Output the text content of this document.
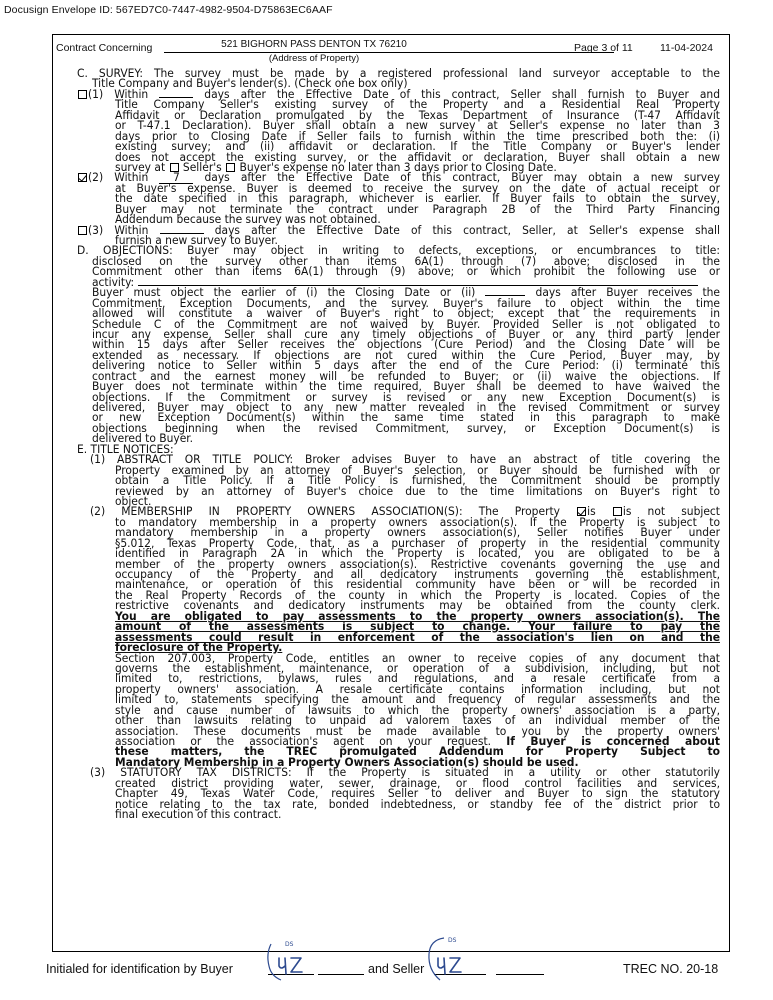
Docusign Envelope ID: 567ED7C0-7447-4982-9504-D75863EC6AAF
Contract Concerning	521 BIGHORN PASS DENTON TX 76210
(Address of Property)
Page 3 of 11	11-04-2024
C. SURVEY: The survey must be made by a registered professional land surveyor acceptable to the
Title Company and Buyer's lender(s). (Check one box only)
(1) Within	days after the Effective Date of this contract, Seller shall furnish to Buyer and
Title Company Seller's existing survey of the Property and a Residential Real Property
Affidavit or Declaration promulgated by the Texas Department of Insurance (T-47 Affidavit
or T-47.1 Declaration). Buyer shall obtain a new survey at Seller's expense no later than 3
days prior to Closing Date if Seller fails to furnish within the time prescribed both the: (i)
existing survey; and (ii) affidavit or declaration. If the Title Company or Buyer's lender
does not accept the existing survey, or the affidavit or declaration, Buyer shall obtain a new
survey at  Seller's  Buyer's expense no later than 3 days prior to Closing Date.
(2) Within 7 days after the Effective Date of this contract, Buyer may obtain a new survey
at Buyer's expense. Buyer is deemed to receive the survey on the date of actual receipt or
the date specified in this paragraph, whichever is earlier. If Buyer fails to obtain the survey,
Buyer may not terminate the contract under Paragraph 2B of the Third Party Financing
Addendum because the survey was not obtained.
(3) Within	days after the Effective Date of this contract, Seller, at Seller's expense shall
furnish a new survey to Buyer.
D. OBJECTIONS: Buyer may object in writing to defects, exceptions, or encumbrances to title:
disclosed on the survey other than items 6A(1) through (7) above; disclosed in the
Commitment other than items 6A(1) through (9) above; or which prohibit the following use or
activity:
Buyer must object the earlier of (i) the Closing Date or (ii)	days after Buyer receives the
Commitment, Exception Documents, and the survey. Buyer's failure to object within the time
allowed will constitute a waiver of Buyer's right to object; except that the requirements in
Schedule C of the Commitment are not waived by Buyer. Provided Seller is not obligated to
incur any expense, Seller shall cure any timely objections of Buyer or any third party lender
within 15 days after Seller receives the objections (Cure Period) and the Closing Date will be
extended as necessary. If objections are not cured within the Cure Period, Buyer may, by
delivering notice to Seller within 5 days after the end of the Cure Period: (i) terminate this
contract and the earnest money will be refunded to Buyer; or (ii) waive the objections. If
Buyer does not terminate within the time required, Buyer shall be deemed to have waived the
objections. If the Commitment or survey is revised or any new Exception Document(s) is
delivered, Buyer may object to any new matter revealed in the revised Commitment or survey
or new Exception Document(s) within the same time stated in this paragraph to make
objections beginning when the revised Commitment, survey, or Exception Document(s) is
delivered to Buyer.
E. TITLE NOTICES:
(1) ABSTRACT OR TITLE POLICY: Broker advises Buyer to have an abstract of title covering the
Property examined by an attorney of Buyer's selection, or Buyer should be furnished with or
obtain a Title Policy. If a Title Policy is furnished, the Commitment should be promptly
reviewed by an attorney of Buyer's choice due to the time limitations on Buyer's right to
object.
(2) MEMBERSHIP IN PROPERTY OWNERS ASSOCIATION(S): The Property is is not subject
to mandatory membership in a property owners association(s). If the Property is subject to
mandatory membership in a property owners association(s), Seller notifies Buyer under
§5.012, Texas Property Code, that, as a purchaser of property in the residential community
identified in Paragraph 2A in which the Property is located, you are obligated to be a
member of the property owners association(s). Restrictive covenants governing the use and
occupancy of the Property and all dedicatory instruments governing the establishment,
maintenance, or operation of this residential community have been or will be recorded in
the Real Property Records of the county in which the Property is located. Copies of the
restrictive covenants and dedicatory instruments may be obtained from the county clerk.
You are obligated to pay assessments to the property owners association(s). The
amount of the assessments is subject to change. Your failure to pay the
assessments could result in enforcement of the association's lien on and the
foreclosure of the Property.
Section 207.003, Property Code, entitles an owner to receive copies of any document that
governs the establishment, maintenance, or operation of a subdivision, including, but not
limited to, restrictions, bylaws, rules and regulations, and a resale certificate from a
property owners' association. A resale certificate contains information including, but not
limited to, statements specifying the amount and frequency of regular assessments and the
style and cause number of lawsuits to which the property owners' association is a party,
other than lawsuits relating to unpaid ad valorem taxes of an individual member of the
association. These documents must be made available to you by the property owners'
association or the association's agent on your request. If Buyer is concerned about
these matters, the TREC promulgated Addendum for Property Subject to
Mandatory Membership in a Property Owners Association(s) should be used.
(3) STATUTORY TAX DISTRICTS: If the Property is situated in a utility or other statutorily
created district providing water, sewer, drainage, or flood control facilities and services,
Chapter 49, Texas Water Code, requires Seller to deliver and Buyer to sign the statutory
notice relating to the tax rate, bonded indebtedness, or standby fee of the district prior to
final execution of this contract.
Initialed for identification by Buyer	and Seller	TREC NO. 20-18
DS
DS
